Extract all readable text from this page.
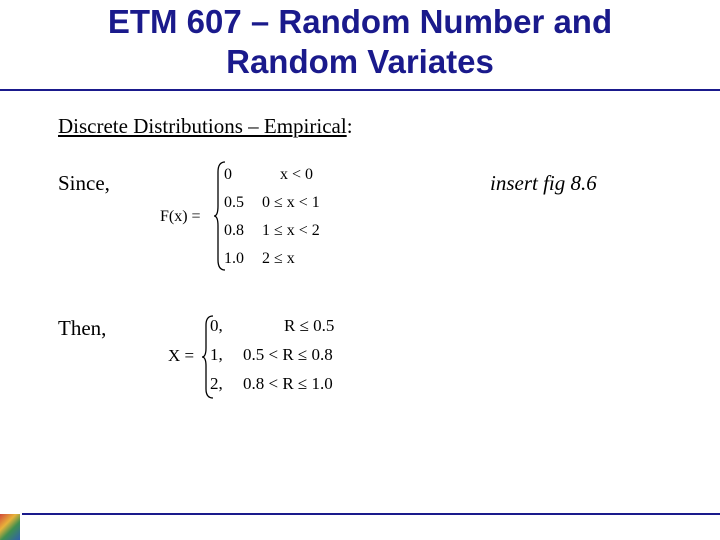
ETM 607 – Random Number and
Random Variates
Discrete Distributions – Empirical:
Since,	insert fig 8.6
F(x) =
0	x < 0
0.5 0 ≤ x < 1
0.8 1 ≤ x < 2
1.0 2 ≤ x
Then,
X =
0,	R ≤ 0.5
1, 0.5 < R ≤ 0.8
2, 0.8 < R ≤ 1.0
